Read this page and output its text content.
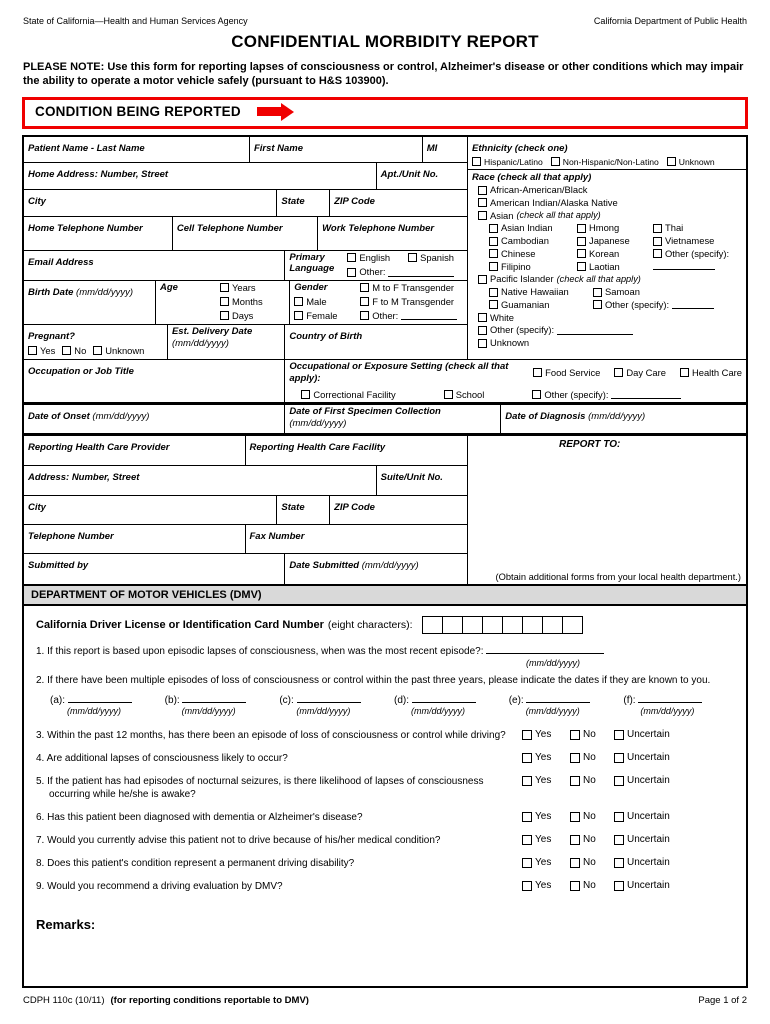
State of California—Health and Human Services Agency	California Department of Public Health
CONFIDENTIAL MORBIDITY REPORT
PLEASE NOTE: Use this form for reporting lapses of consciousness or control, Alzheimer's disease or other conditions which may impair the ability to operate a motor vehicle safely (pursuant to H&S 103900).
CONDITION BEING REPORTED
Patient Name - Last Name	First Name	MI
Home Address: Number, Street	Apt./Unit No.
City	State	ZIP Code
Home Telephone Number	Cell Telephone Number	Work Telephone Number
Email Address	Primary Language
English	Spanish
Other:
Birth Date (mm/dd/yyyy)	Age	Years
Months
Days
Gender
Male
Female
M to F Transgender
F to M Transgender
Other:
Pregnant?
Yes No Unknown
Est. Delivery Date (mm/dd/yyyy)
Country of Birth
Ethnicity (check one)
Hispanic/Latino Non-Hispanic/Non-Latino Unknown
Race (check all that apply)
African-American/Black
American Indian/Alaska Native
Asian (check all that apply)
Asian Indian	Hmong	Thai
Cambodian	Japanese	Vietnamese
Chinese	Korean	Other (specify):
Filipino	Laotian
Pacific Islander (check all that apply)
Native Hawaiian	Samoan
Guamanian	Other (specify):
White
Other (specify):
Unknown
Occupation or Job Title	Occupational or Exposure Setting (check all that apply):
Food Service	Day Care	Health Care
Correctional Facility	School	Other (specify):
Date of Onset (mm/dd/yyyy)	Date of First Specimen Collection (mm/dd/yyyy)
Date of Diagnosis (mm/dd/yyyy)
Reporting Health Care Provider	Reporting Health Care Facility
Address: Number, Street	Suite/Unit No.
City	State	ZIP Code
Telephone Number	Fax Number
Submitted by	Date Submitted (mm/dd/yyyy)
REPORT TO:
(Obtain additional forms from your local health department.)
DEPARTMENT OF MOTOR VEHICLES (DMV)
California Driver License or Identification Card Number (eight characters):
1. If this report is based upon episodic lapses of consciousness, when was the most recent episode?:
(mm/dd/yyyy)
2. If there have been multiple episodes of loss of consciousness or control within the past three years, please indicate the dates if they are known to you.
(a):
(mm/dd/yyyy)
(b):
(mm/dd/yyyy)
(c):
(mm/dd/yyyy)
(d):
(mm/dd/yyyy)
(e):
(mm/dd/yyyy)
(f):
(mm/dd/yyyy)
3. Within the past 12 months, has there been an episode of loss of consciousness or control while driving?	Yes	No	Uncertain
4. Are additional lapses of consciousness likely to occur?	Yes	No	Uncertain
5. If the patient has had episodes of nocturnal seizures, is there likelihood of lapses of consciousness occurring while he/she is awake?
Yes	No	Uncertain
6. Has this patient been diagnosed with dementia or Alzheimer's disease?	Yes	No	Uncertain
7. Would you currently advise this patient not to drive because of his/her medical condition?	Yes	No	Uncertain
8. Does this patient's condition represent a permanent driving disability?	Yes	No	Uncertain
9. Would you recommend a driving evaluation by DMV?	Yes	No	Uncertain
Remarks:
CDPH 110c (10/11) (for reporting conditions reportable to DMV)	Page 1 of 2
